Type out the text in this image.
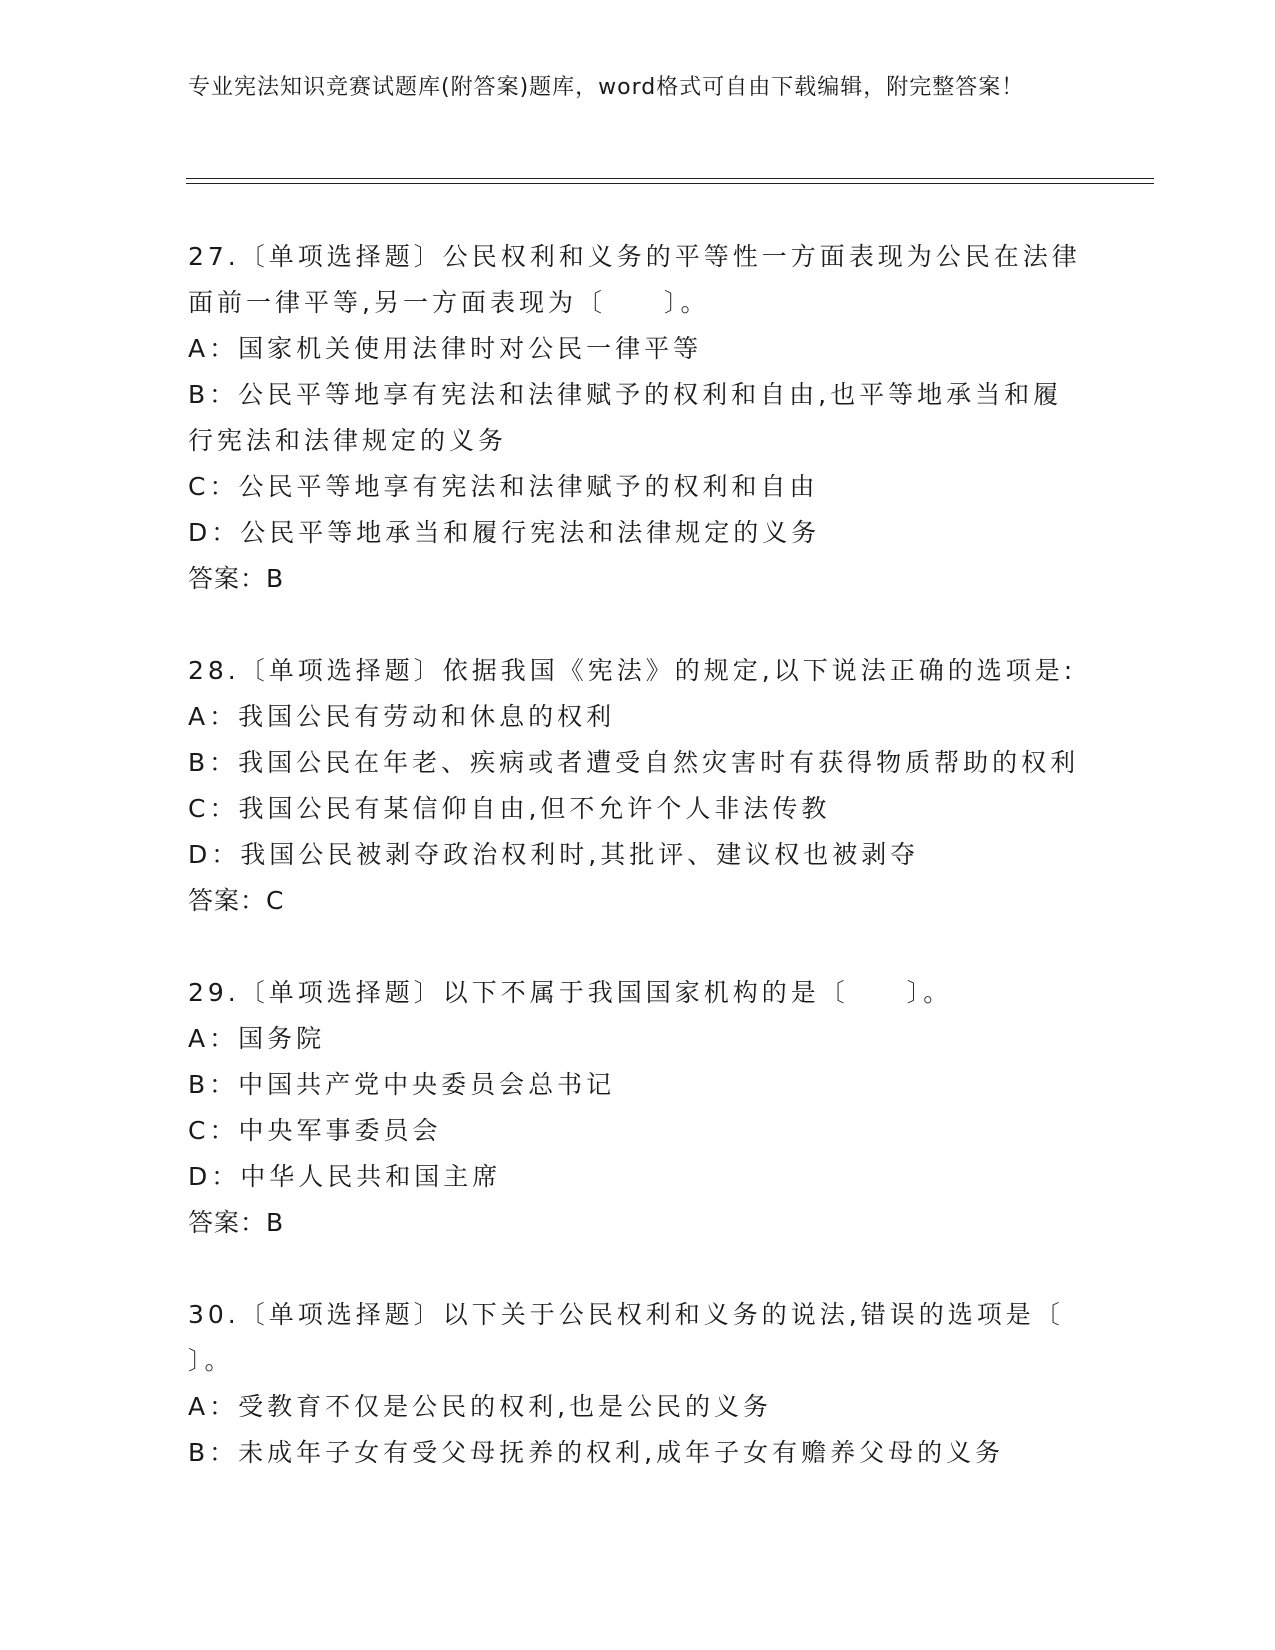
专业宪法知识竞赛试题库(附答案)题库，word格式可自由下载编辑，附完整答案！
27.〔单项选择题〕公民权利和义务的平等性一方面表现为公民在法律
面前一律平等,另一方面表现为〔　　〕。
A：国家机关使用法律时对公民一律平等
B：公民平等地享有宪法和法律赋予的权利和自由,也平等地承当和履
行宪法和法律规定的义务
C：公民平等地享有宪法和法律赋予的权利和自由
D：公民平等地承当和履行宪法和法律规定的义务
答案：B
28.〔单项选择题〕依据我国《宪法》的规定,以下说法正确的选项是:
A：我国公民有劳动和休息的权利
B：我国公民在年老、疾病或者遭受自然灾害时有获得物质帮助的权利
C：我国公民有某信仰自由,但不允许个人非法传教
D：我国公民被剥夺政治权利时,其批评、建议权也被剥夺
答案：C
29.〔单项选择题〕以下不属于我国国家机构的是〔　　〕。
A：国务院
B：中国共产党中央委员会总书记
C：中央军事委员会
D：中华人民共和国主席
答案：B
30.〔单项选择题〕以下关于公民权利和义务的说法,错误的选项是〔
〕。
A：受教育不仅是公民的权利,也是公民的义务
B：未成年子女有受父母抚养的权利,成年子女有赡养父母的义务
